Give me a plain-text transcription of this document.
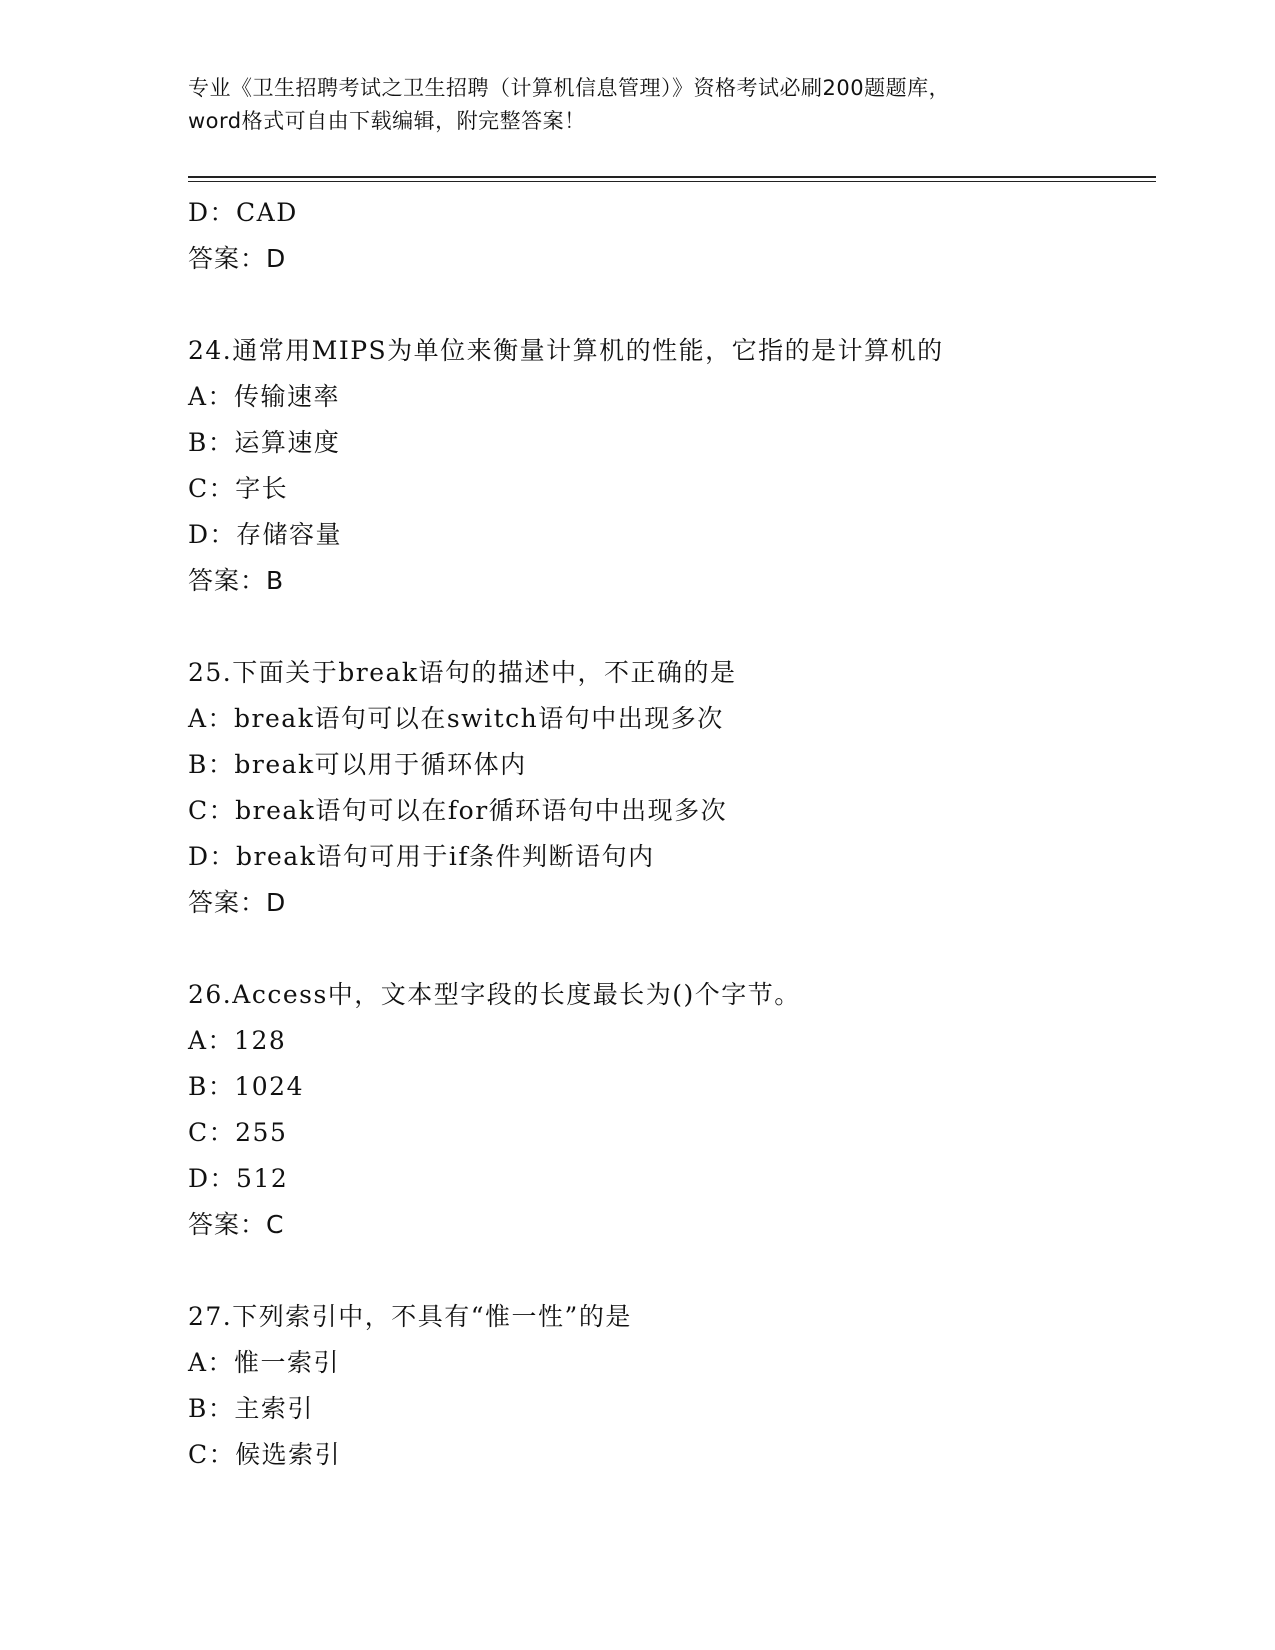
专业《卫生招聘考试之卫生招聘（计算机信息管理）》资格考试必刷200题题库，
word格式可自由下载编辑，附完整答案！
D：CAD
答案：D
24.通常用MIPS为单位来衡量计算机的性能，它指的是计算机的
A：传输速率
B：运算速度
C：字长
D：存储容量
答案：B
25.下面关于break语句的描述中，不正确的是
A：break语句可以在switch语句中出现多次
B：break可以用于循环体内
C：break语句可以在for循环语句中出现多次
D：break语句可用于if条件判断语句内
答案：D
26.Access中，文本型字段的长度最长为()个字节。
A：128
B：1024
C：255
D：512
答案：C
27.下列索引中，不具有“惟一性”的是
A：惟一索引
B：主索引
C：候选索引
